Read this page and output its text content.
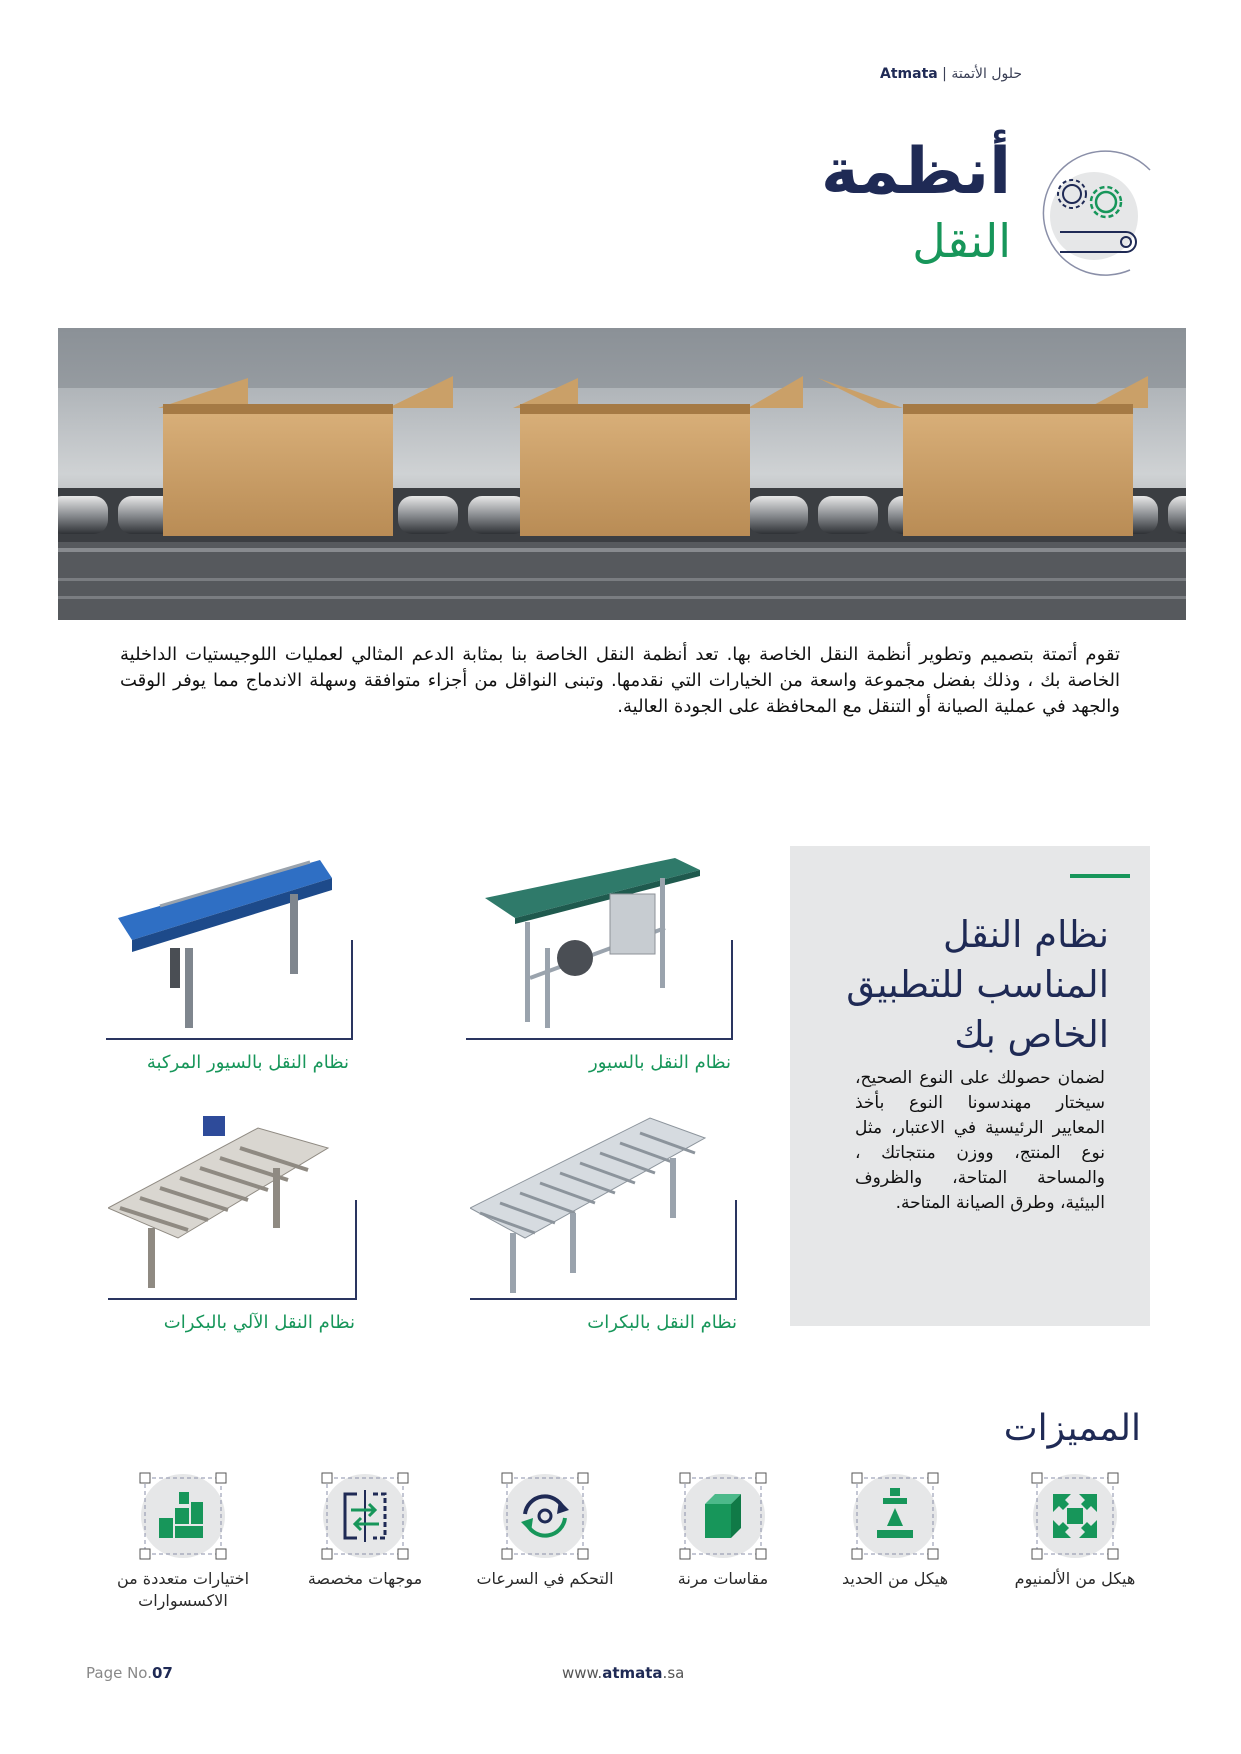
Atmata | حلول الأتمتة
أنظمة
النقل
تقوم أتمتة بتصميم وتطوير أنظمة النقل الخاصة بها. تعد أنظمة النقل الخاصة بنا بمثابة الدعم المثالي لعمليات اللوجيستيات الداخلية الخاصة بك ، وذلك بفضل مجموعة واسعة من الخيارات التي نقدمها. وتبنى النواقل من أجزاء متوافقة وسهلة الاندماج مما يوفر الوقت والجهد في عملية الصيانة أو التنقل مع المحافظة على الجودة العالية.
نظام النقل بالسيور
نظام النقل بالسيور المركبة
نظام النقل بالبكرات
نظام النقل الآلي بالبكرات
نظام النقل المناسب للتطبيق الخاص بك
لضمان حصولك على النوع الصحيح، سيختار مهندسونا النوع بأخذ المعايير الرئيسية في الاعتبار، مثل نوع المنتج، ووزن منتجاتك ، والمساحة المتاحة، والظروف البيئية، وطرق الصيانة المتاحة.
المميزات
هيكل من الألمنيوم
هيكل من الحديد
مقاسات مرنة
التحكم في السرعات
موجهات مخصصة
اختيارات متعددة من الاكسسوارات
Page No.07	www.atmata.sa
